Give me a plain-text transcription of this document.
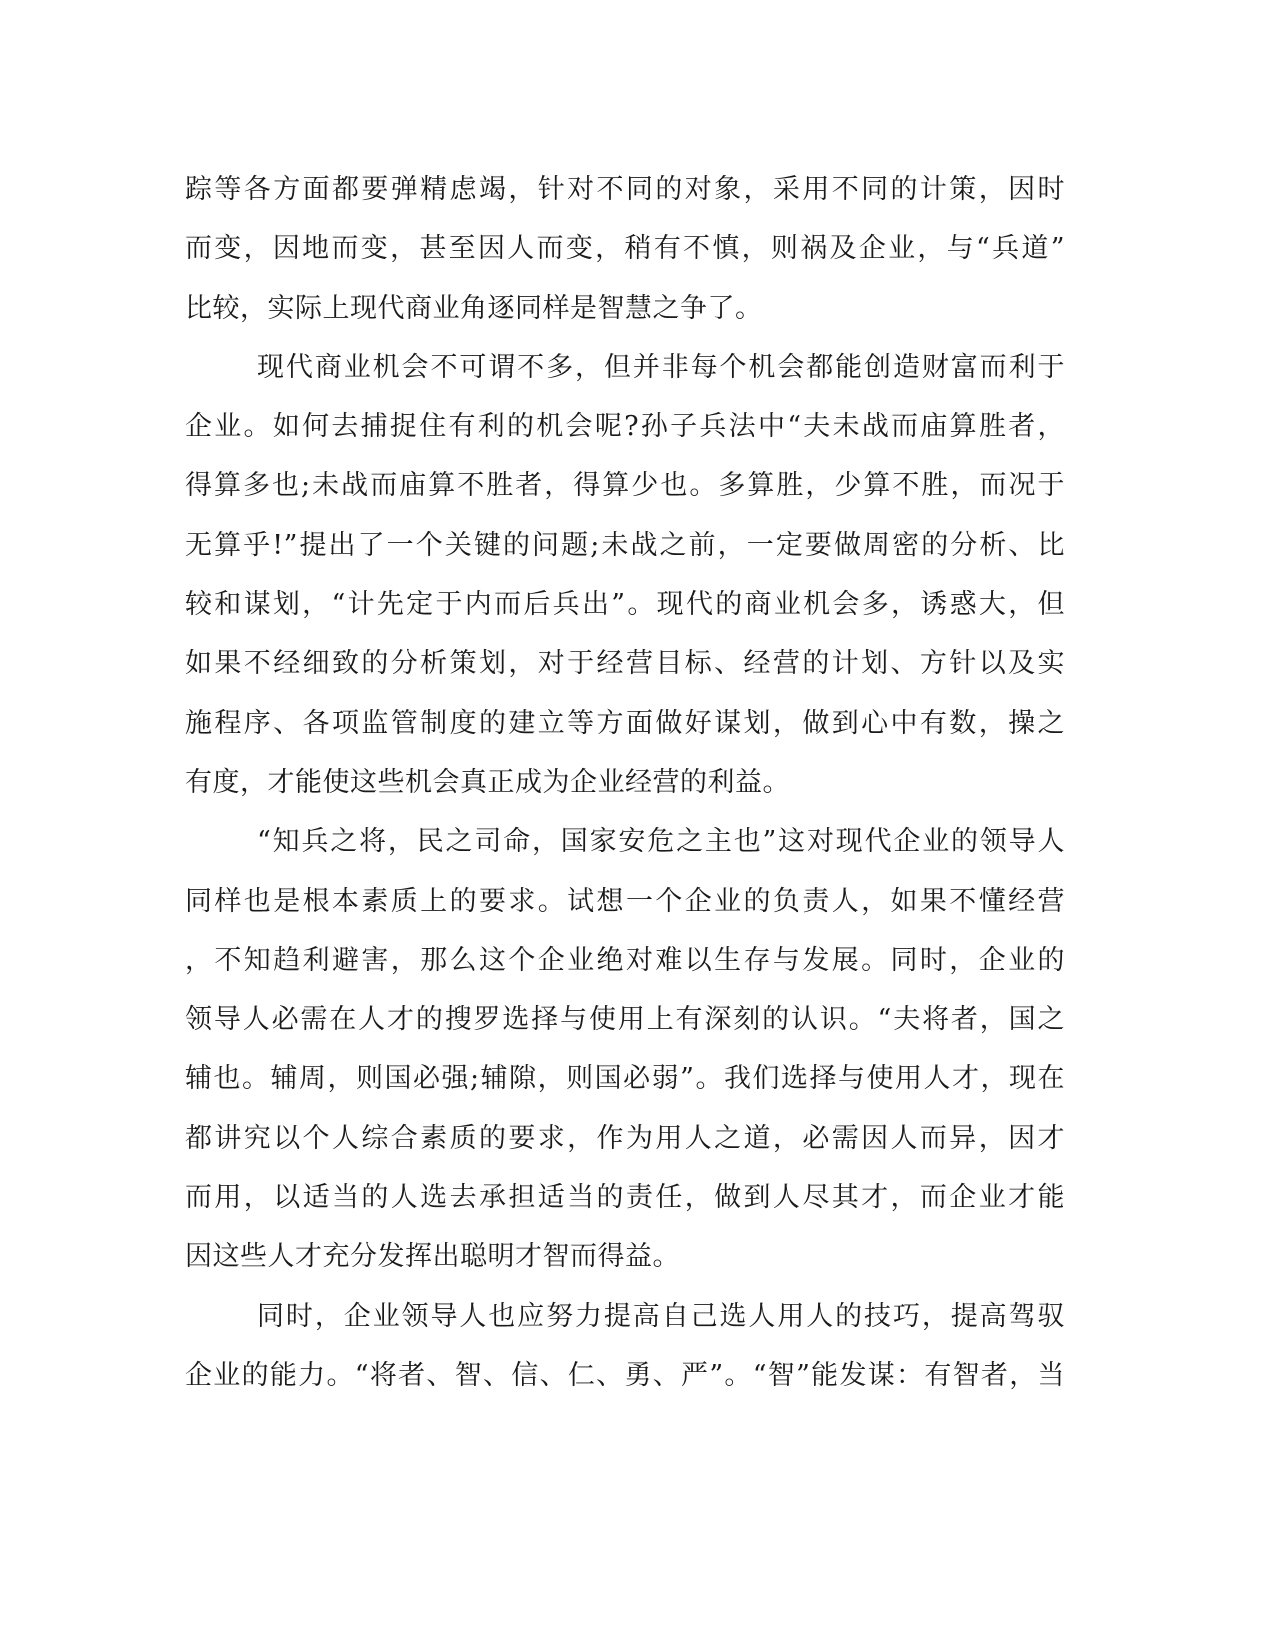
踪等各方面都要弹精虑竭，针对不同的对象，采用不同的计策，因时
而变，因地而变，甚至因人而变，稍有不慎，则祸及企业，与“兵道”
比较，实际上现代商业角逐同样是智慧之争了。
现代商业机会不可谓不多，但并非每个机会都能创造财富而利于
企业。如何去捕捉住有利的机会呢?孙子兵法中“夫未战而庙算胜者，
得算多也;未战而庙算不胜者，得算少也。多算胜，少算不胜，而况于
无算乎!”提出了一个关键的问题;未战之前，一定要做周密的分析、比
较和谋划，“计先定于内而后兵出”。现代的商业机会多，诱惑大，但
如果不经细致的分析策划，对于经营目标、经营的计划、方针以及实
施程序、各项监管制度的建立等方面做好谋划，做到心中有数，操之
有度，才能使这些机会真正成为企业经营的利益。
“知兵之将，民之司命，国家安危之主也”这对现代企业的领导人
同样也是根本素质上的要求。试想一个企业的负责人，如果不懂经营
，不知趋利避害，那么这个企业绝对难以生存与发展。同时，企业的
领导人必需在人才的搜罗选择与使用上有深刻的认识。“夫将者，国之
辅也。辅周，则国必强;辅隙，则国必弱”。我们选择与使用人才，现在
都讲究以个人综合素质的要求，作为用人之道，必需因人而异，因才
而用，以适当的人选去承担适当的责任，做到人尽其才，而企业才能
因这些人才充分发挥出聪明才智而得益。
同时，企业领导人也应努力提高自己选人用人的技巧，提高驾驭
企业的能力。“将者、智、信、仁、勇、严”。“智”能发谋：有智者，当
